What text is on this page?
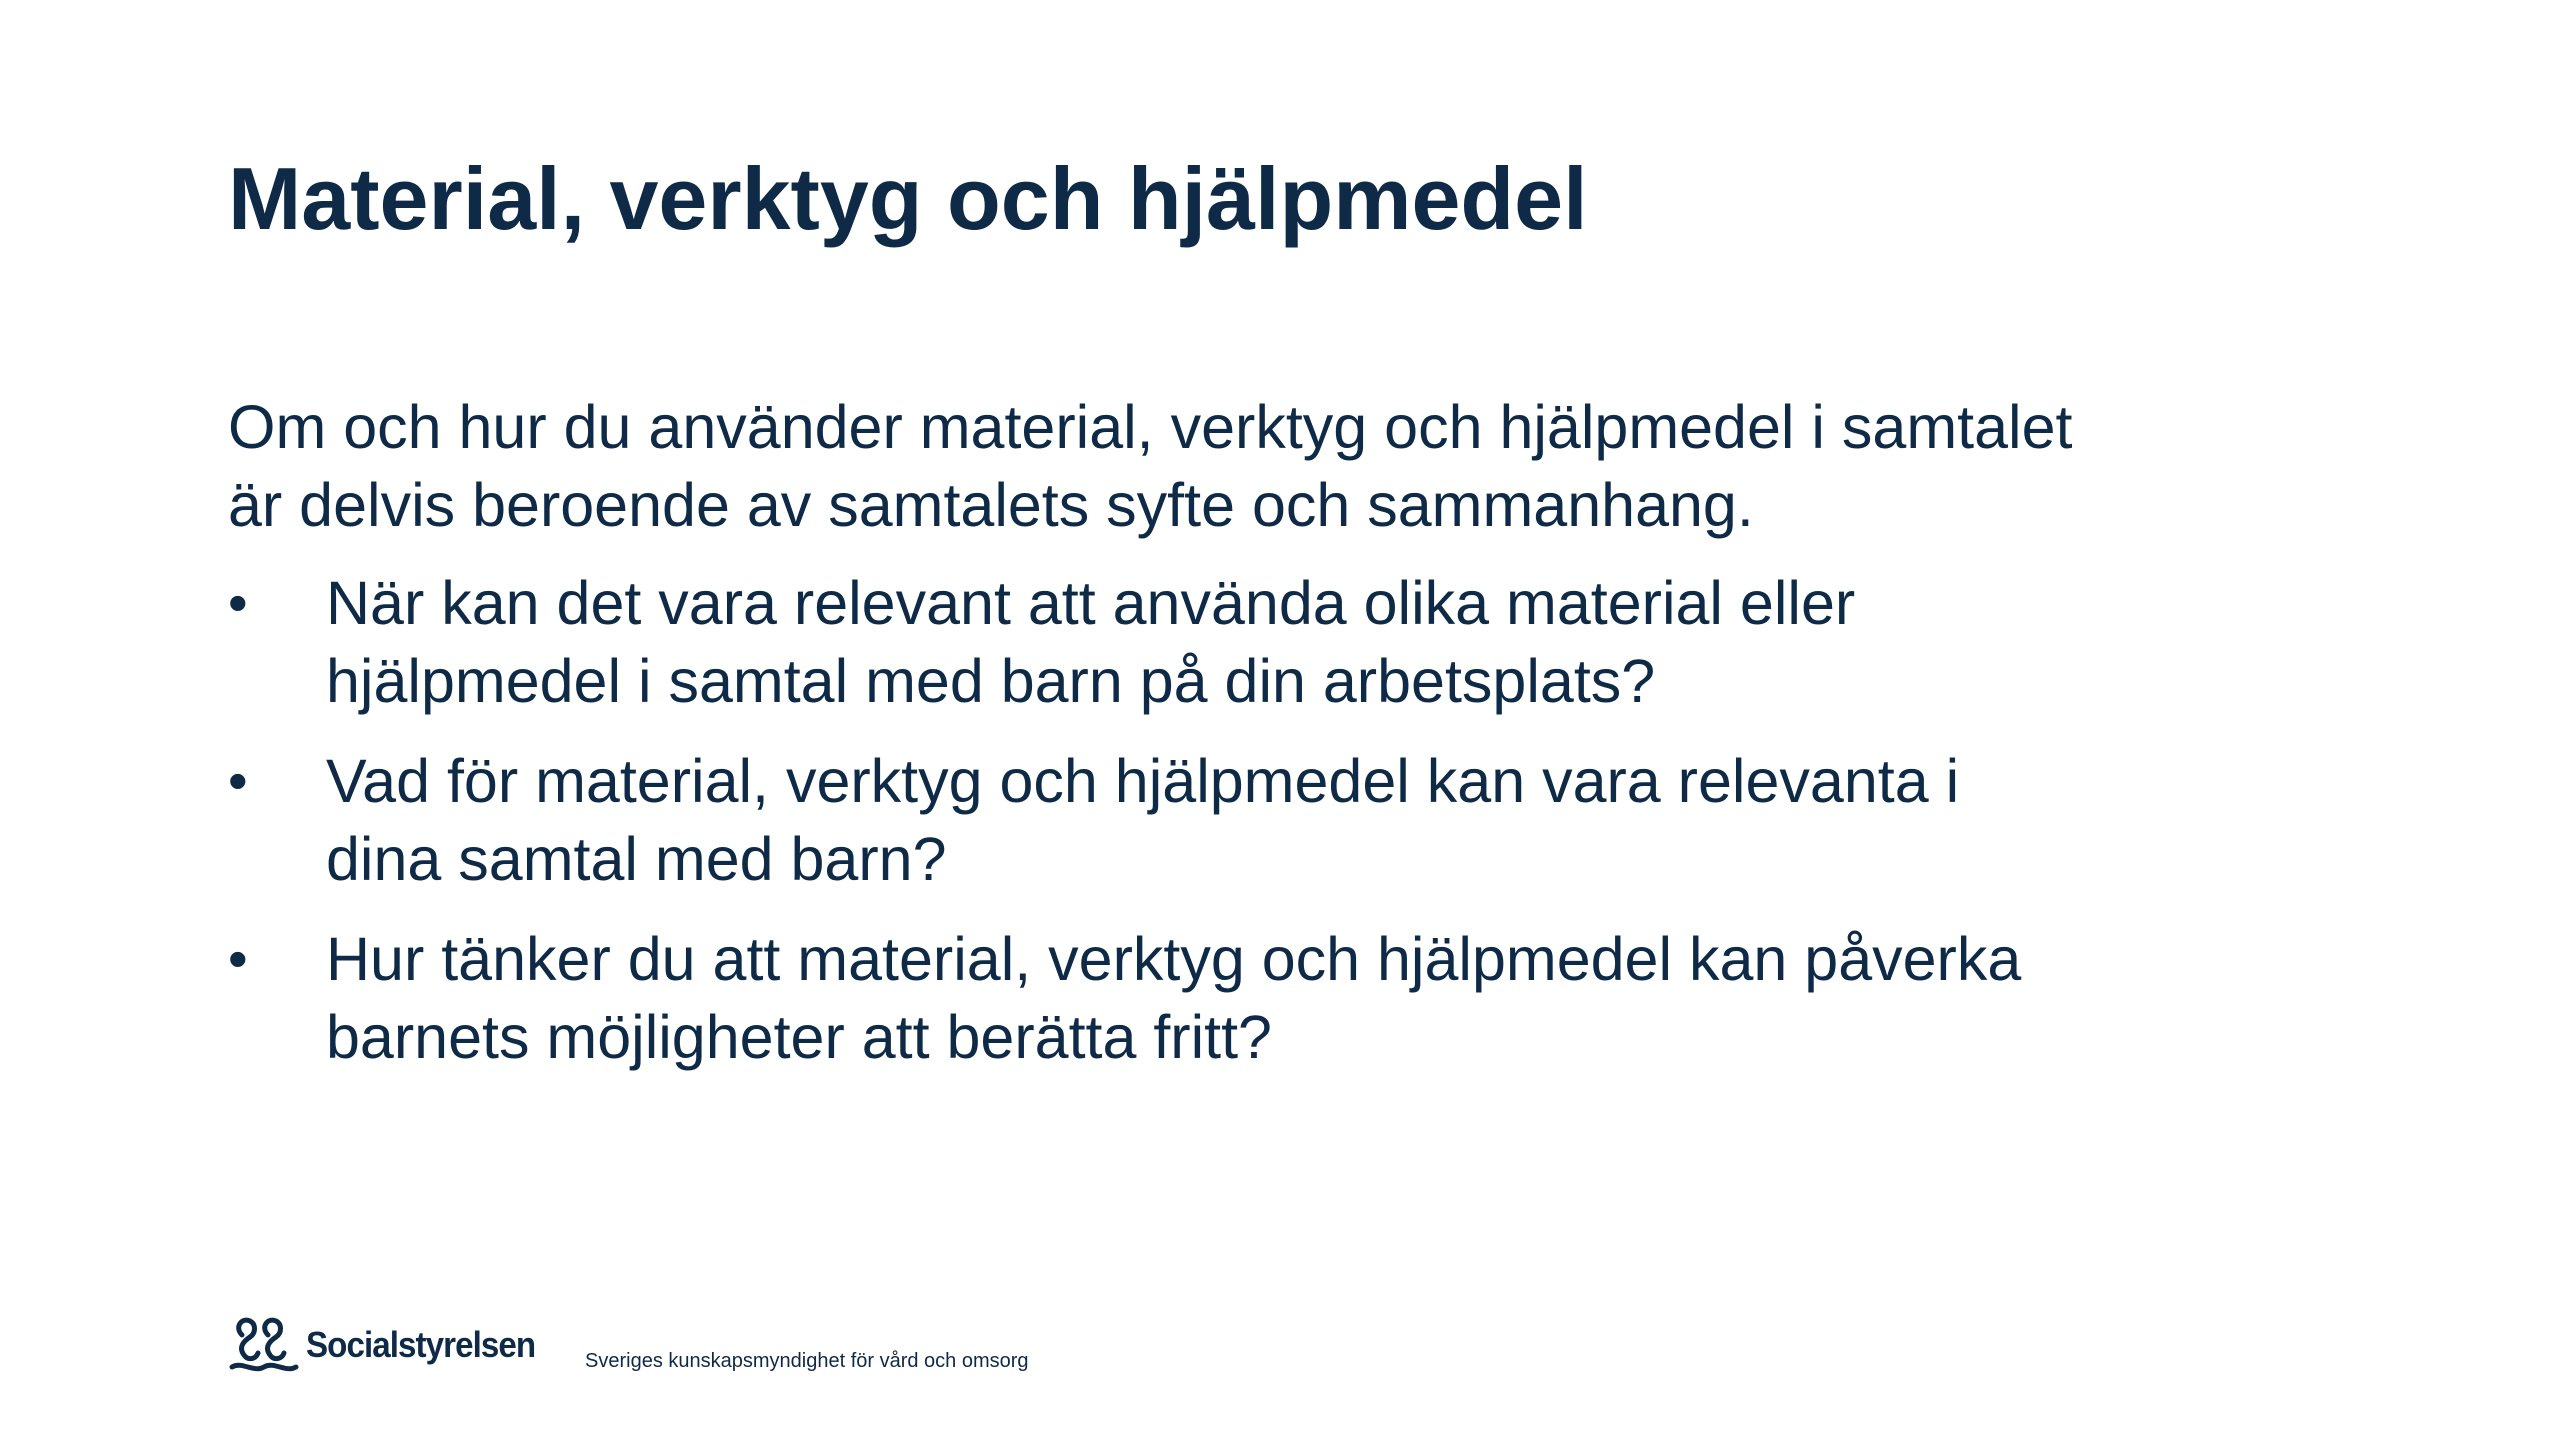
Material, verktyg och hjälpmedel

Om och hur du använder material, verktyg och hjälpmedel i samtalet
är delvis beroende av samtalets syfte och sammanhang.

•	När kan det vara relevant att använda olika material eller
hjälpmedel i samtal med barn på din arbetsplats?
•	Vad för material, verktyg och hjälpmedel kan vara relevanta i
dina samtal med barn?
•	Hur tänker du att material, verktyg och hjälpmedel kan påverka
barnets möjligheter att berätta fritt?
Socialstyrelsen Sveriges kunskapsmyndighet för vård och omsorg
